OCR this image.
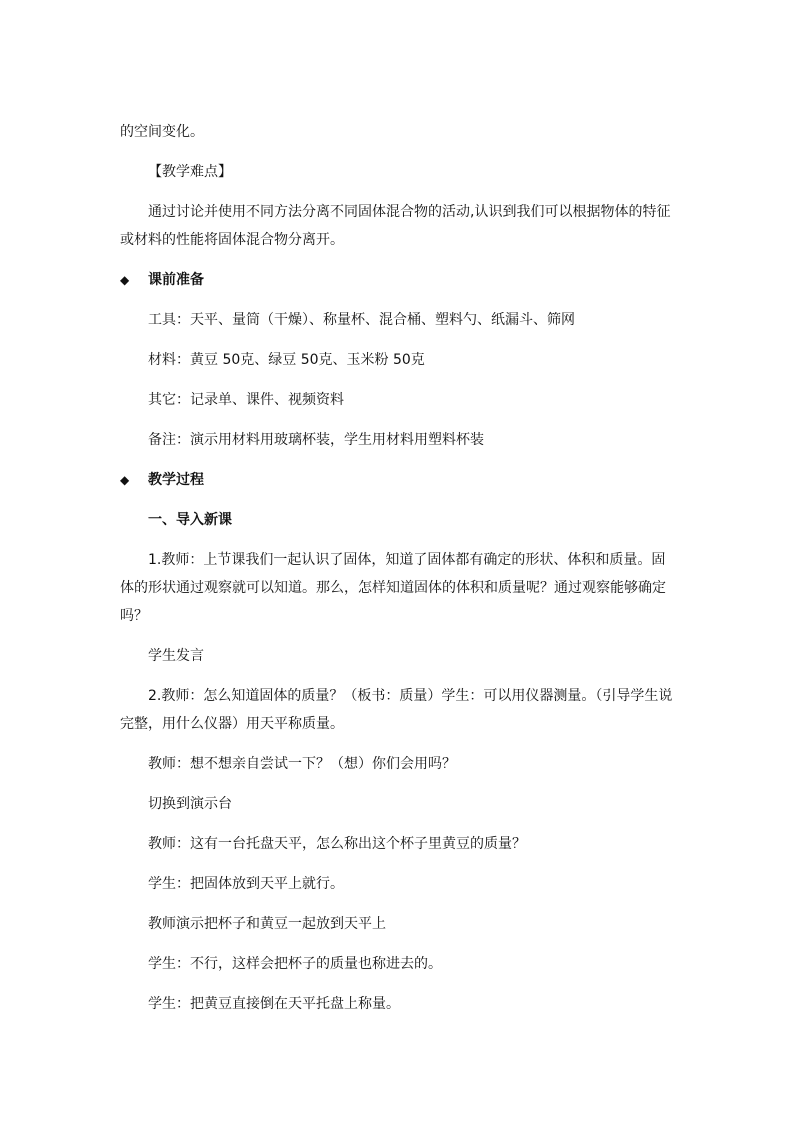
的空间变化。

【教学难点】

通过讨论并使用不同方法分离不同固体混合物的活动,认识到我们可以根据物体的特征或材料的性能将固体混合物分离开。

◆	课前准备

工具：天平、量筒（干燥）、称量杯、混合桶、塑料勺、纸漏斗、筛网

材料：黄豆 50克、绿豆 50克、玉米粉 50克

其它：记录单、课件、视频资料

备注：演示用材料用玻璃杯装，学生用材料用塑料杯装

◆	教学过程

一、导入新课

1.教师：上节课我们一起认识了固体，知道了固体都有确定的形状、体积和质量。固体的形状通过观察就可以知道。那么，怎样知道固体的体积和质量呢？通过观察能够确定吗？

学生发言

2.教师：怎么知道固体的质量？（板书：质量）学生：可以用仪器测量。（引导学生说完整，用什么仪器）用天平称质量。

教师：想不想亲自尝试一下？（想）你们会用吗？

切换到演示台

教师：这有一台托盘天平，怎么称出这个杯子里黄豆的质量？

学生：把固体放到天平上就行。

教师演示把杯子和黄豆一起放到天平上

学生：不行，这样会把杯子的质量也称进去的。

学生：把黄豆直接倒在天平托盘上称量。
